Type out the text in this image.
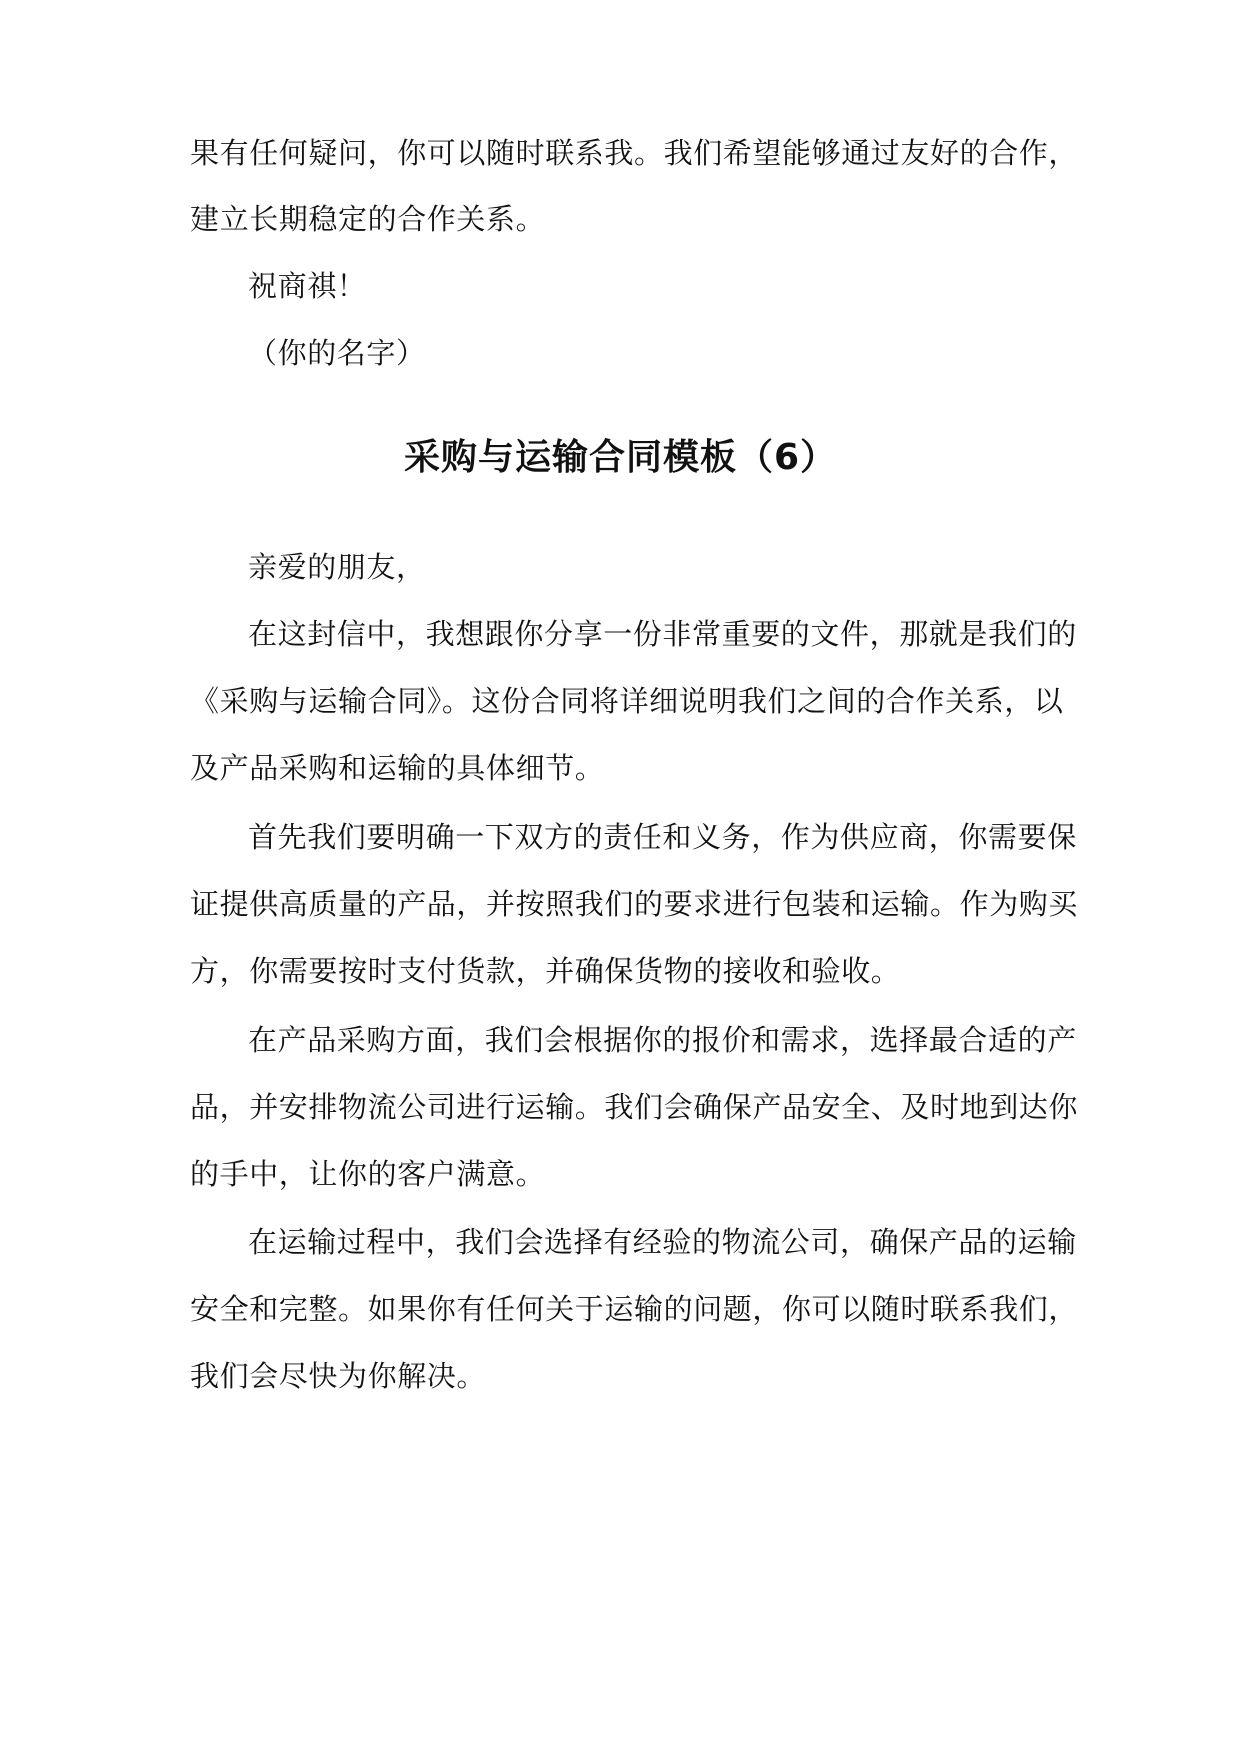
果有任何疑问，你可以随时联系我。我们希望能够通过友好的合作，
建立长期稳定的合作关系。
祝商祺！
（你的名字）
采购与运输合同模板（6）
亲爱的朋友，
在这封信中，我想跟你分享一份非常重要的文件，那就是我们的
《采购与运输合同》。这份合同将详细说明我们之间的合作关系，以
及产品采购和运输的具体细节。
首先我们要明确一下双方的责任和义务，作为供应商，你需要保
证提供高质量的产品，并按照我们的要求进行包装和运输。作为购买
方，你需要按时支付货款，并确保货物的接收和验收。
在产品采购方面，我们会根据你的报价和需求，选择最合适的产
品，并安排物流公司进行运输。我们会确保产品安全、及时地到达你
的手中，让你的客户满意。
在运输过程中，我们会选择有经验的物流公司，确保产品的运输
安全和完整。如果你有任何关于运输的问题，你可以随时联系我们，
我们会尽快为你解决。
